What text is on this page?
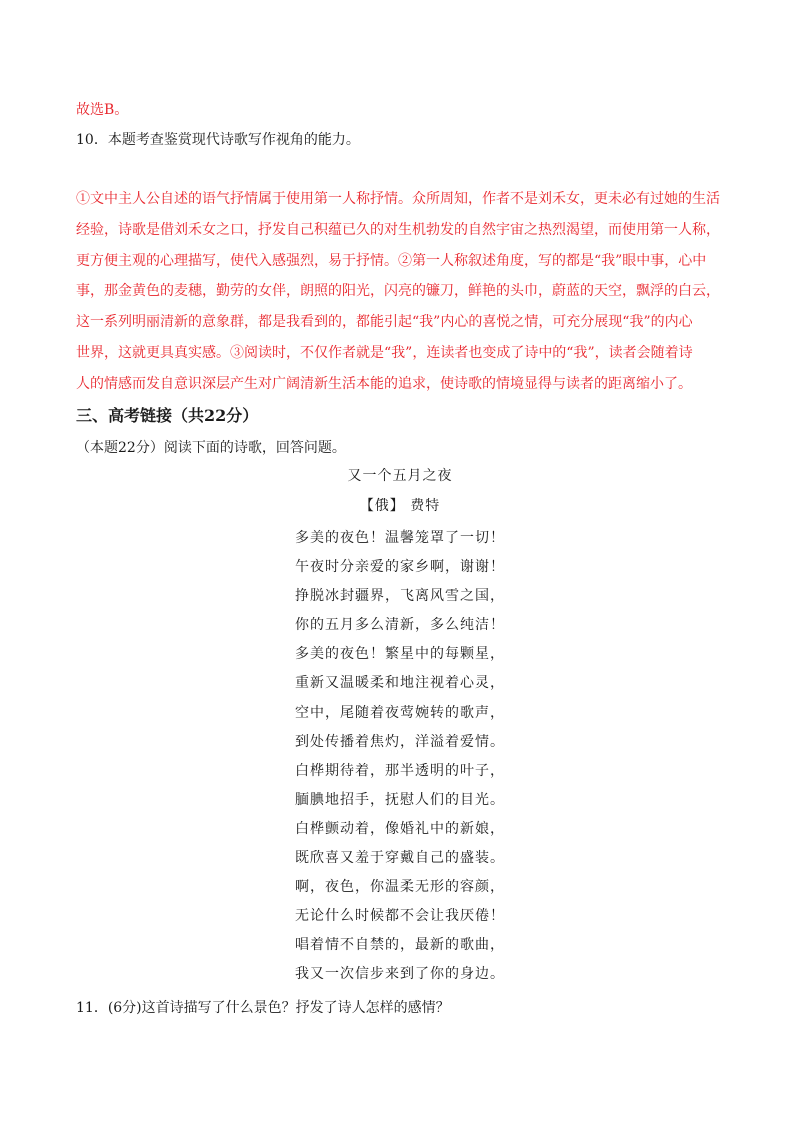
故选B。
10．本题考查鉴赏现代诗歌写作视角的能力。

①文中主人公自述的语气抒情属于使用第一人称抒情。众所周知，作者不是刘禾女，更未必有过她的生活

经验，诗歌是借刘禾女之口，抒发自己积蕴已久的对生机勃发的自然宇宙之热烈渴望，而使用第一人称，

更方便主观的心理描写，使代入感强烈，易于抒情。②第一人称叙述角度，写的都是“我”眼中事，心中

事，那金黄色的麦穗，勤劳的女伴，朗照的阳光，闪亮的镰刀，鲜艳的头巾，蔚蓝的天空，飘浮的白云，

这一系列明丽清新的意象群，都是我看到的，都能引起“我”内心的喜悦之情，可充分展现“我”的内心

世界，这就更具真实感。③阅读时，不仅作者就是“我”，连读者也变成了诗中的“我”，读者会随着诗

人的情感而发自意识深层产生对广阔清新生活本能的追求，使诗歌的情境显得与读者的距离缩小了。

三、高考链接（共22分）
（本题22分）阅读下面的诗歌，回答问题。
又一个五月之夜
【俄】 费特
多美的夜色！温馨笼罩了一切！
午夜时分亲爱的家乡啊，谢谢！
挣脱冰封疆界，飞离风雪之国，
你的五月多么清新，多么纯洁！
多美的夜色！繁星中的每颗星，
重新又温暖柔和地注视着心灵，
空中，尾随着夜莺婉转的歌声，
到处传播着焦灼，洋溢着爱情。
白桦期待着，那半透明的叶子，
腼腆地招手，抚慰人们的目光。
白桦颤动着，像婚礼中的新娘，
既欣喜又羞于穿戴自己的盛装。
啊，夜色，你温柔无形的容颜，
无论什么时候都不会让我厌倦！
唱着情不自禁的，最新的歌曲，
我又一次信步来到了你的身边。
11．(6分)这首诗描写了什么景色？抒发了诗人怎样的感情？
